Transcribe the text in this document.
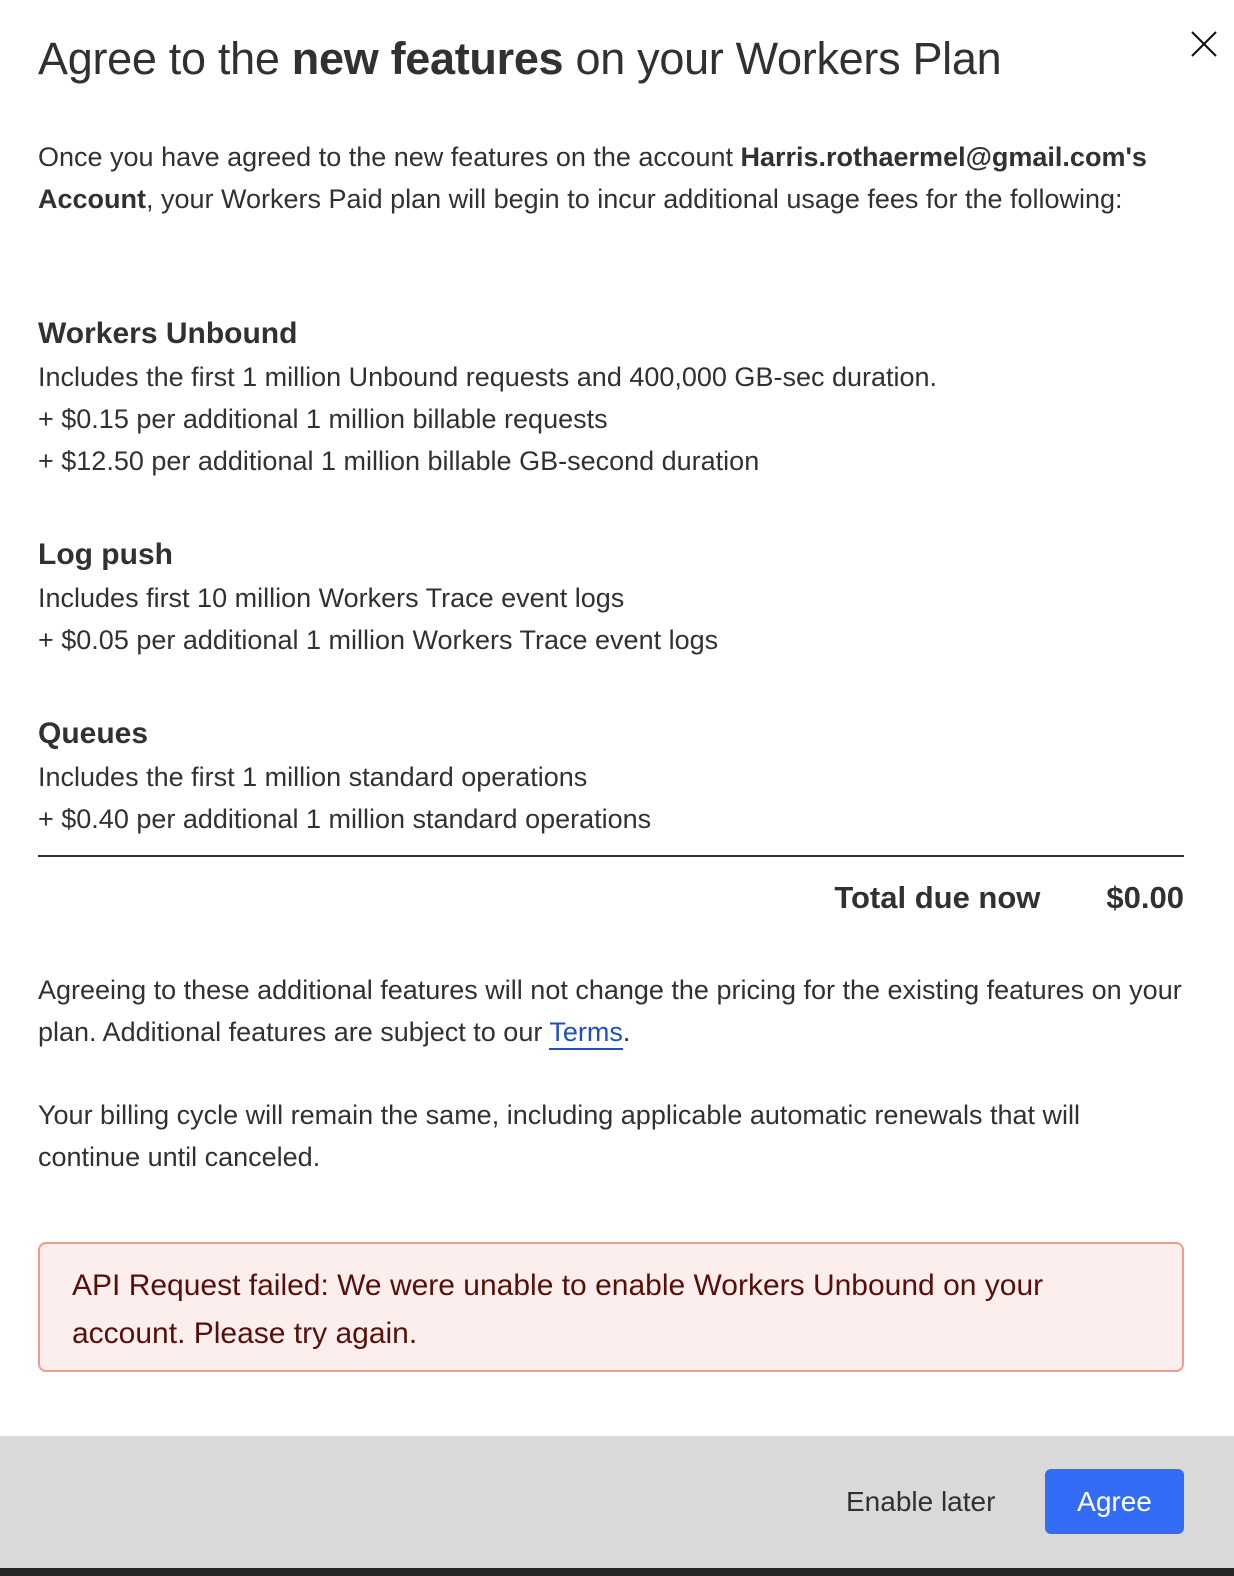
Agree to the new features on your Workers Plan

Once you have agreed to the new features on the account Harris.rothaermel@gmail.com's Account, your Workers Paid plan will begin to incur additional usage fees for the following:

Workers Unbound

Includes the first 1 million Unbound requests and 400,000 GB-sec duration.

+ $0.15 per additional 1 million billable requests

+ $12.50 per additional 1 million billable GB-second duration

Log push

Includes first 10 million Workers Trace event logs

+ $0.05 per additional 1 million Workers Trace event logs

Queues

Includes the first 1 million standard operations

+ $0.40 per additional 1 million standard operations

Total due now $0.00

Agreeing to these additional features will not change the pricing for the existing features on your plan. Additional features are subject to our Terms.

Your billing cycle will remain the same, including applicable automatic renewals that will continue until canceled.

API Request failed: We were unable to enable Workers Unbound on your account. Please try again.
Enable later	Agree
